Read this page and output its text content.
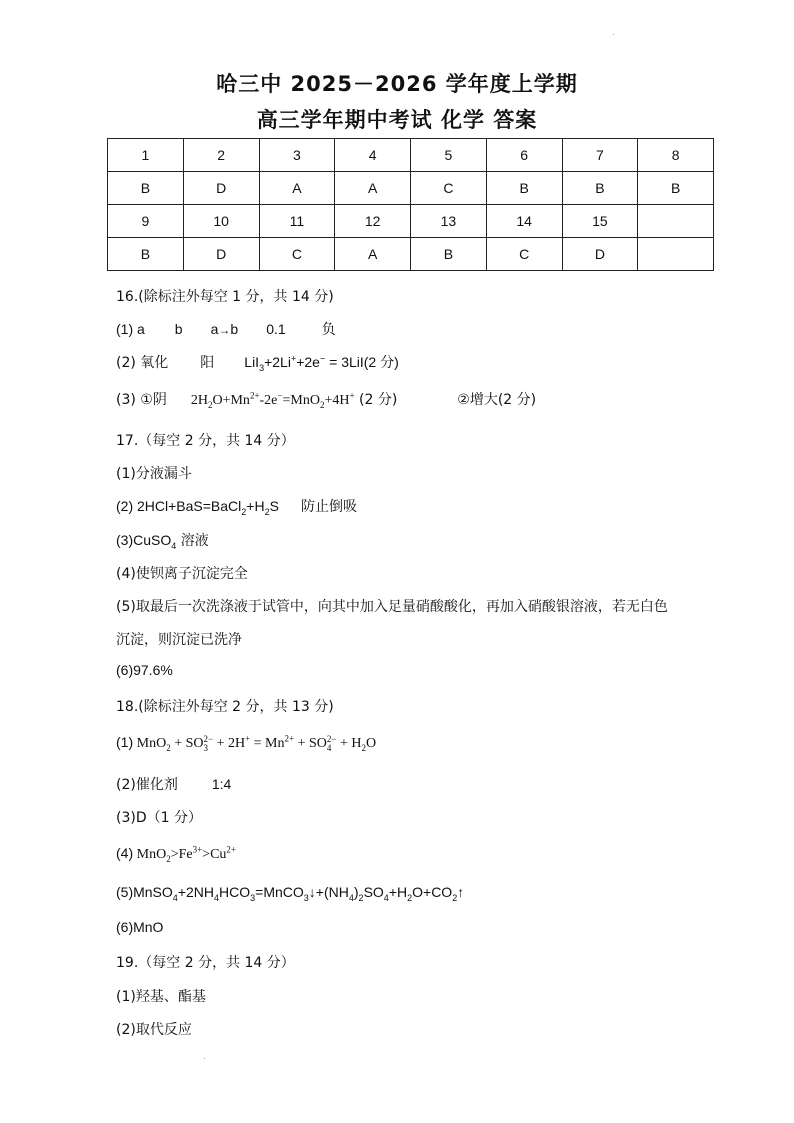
哈三中 2025－2026 学年度上学期
高三学年期中考试 化学 答案
1	2	3	4	5	6	7	8
B	D	A	A	C	B	B	B
9	10	11	12	13	14	15	
B	D	C	A	B	C	D	
16.(除标注外每空 1 分，共 14 分)
(1) a b a→b 0.1	负
(2) 氧化 阳 LiI$_3$+2Li++2e− = 3LiI(2 分)
(3) ①阴 $2H_2O+Mn^{2+}-2e^-=MnO_2+4H^+$ (2 分)	②增大(2 分)
17.（每空 2 分，共 14 分）
(1)分液漏斗
(2) $2HCl+BaS=BaCl_2+H_2S$ 防止倒吸
(3)CuSO$_4$ 溶液
(4)使钡离子沉淀完全
(5)取最后一次洗涤液于试管中，向其中加入足量硝酸酸化，再加入硝酸银溶液，若无白色
沉淀，则沉淀已洗净
(6)97.6%
18.(除标注外每空 2 分，共 13 分)
(1) MnO$_2$ + SO 2−
$3 + 2H^+ = Mn^{2+}$ + SO 2−
$4 + H_2O$
(2)催化剂 1:4
(3)D（1 分）
(4) $MnO_2>Fe^{3+}>Cu^{2+}$
$(5)MnSO_4+2NH_4HCO_3=MnCO_3↓+(NH_4)_2SO_4+H_2O+CO_2↑$
(6)MnO
19.（每空 2 分，共 14 分）
(1)羟基、酯基
(2)取代反应
